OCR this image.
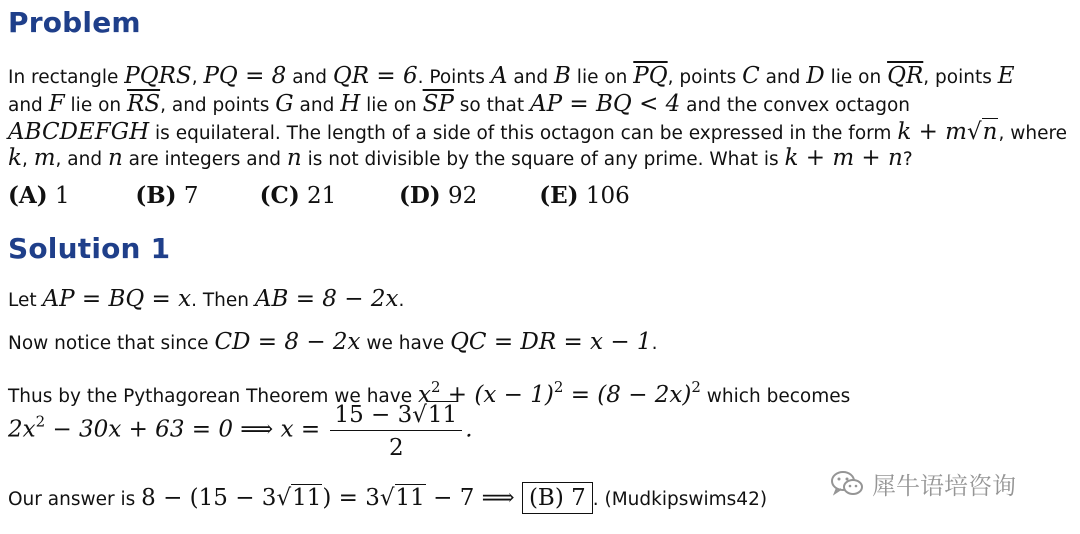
Problem
In rectangle PQRS, PQ = 8 and QR = 6. Points A and B lie on $\overline{PQ}$, points C and D lie on $\overline{QR}$, points E
and F lie on $\overline{RS}$, and points G and H lie on $\overline{SP}$ so that AP = BQ < 4 and the convex octagon
ABCDEFGH is equilateral. The length of a side of this octagon can be expressed in the form k + m√n, where
k, m, and n are integers and n is not divisible by the square of any prime. What is k + m + n?
(A) 1	(B) 7	(C) 21	(D) 92	(E) 106
Solution 1
Let AP = BQ = x. Then AB = 8 − 2x.
Now notice that since CD = 8 − 2x we have QC = DR = x − 1.
Thus by the Pythagorean Theorem we have $x^2 + (x - 1)^2 = (8 - 2x)^2$ which becomes
$2x^2 - 30x + 63 = 0$ ⟹ $x = \frac{15 - 3√11}{2}$ .
Our answer is 8 − (15 − 3√11) = 3√11 − 7 ⟹ (B) 7 . (Mudkipswims42)	犀牛语培咨询
